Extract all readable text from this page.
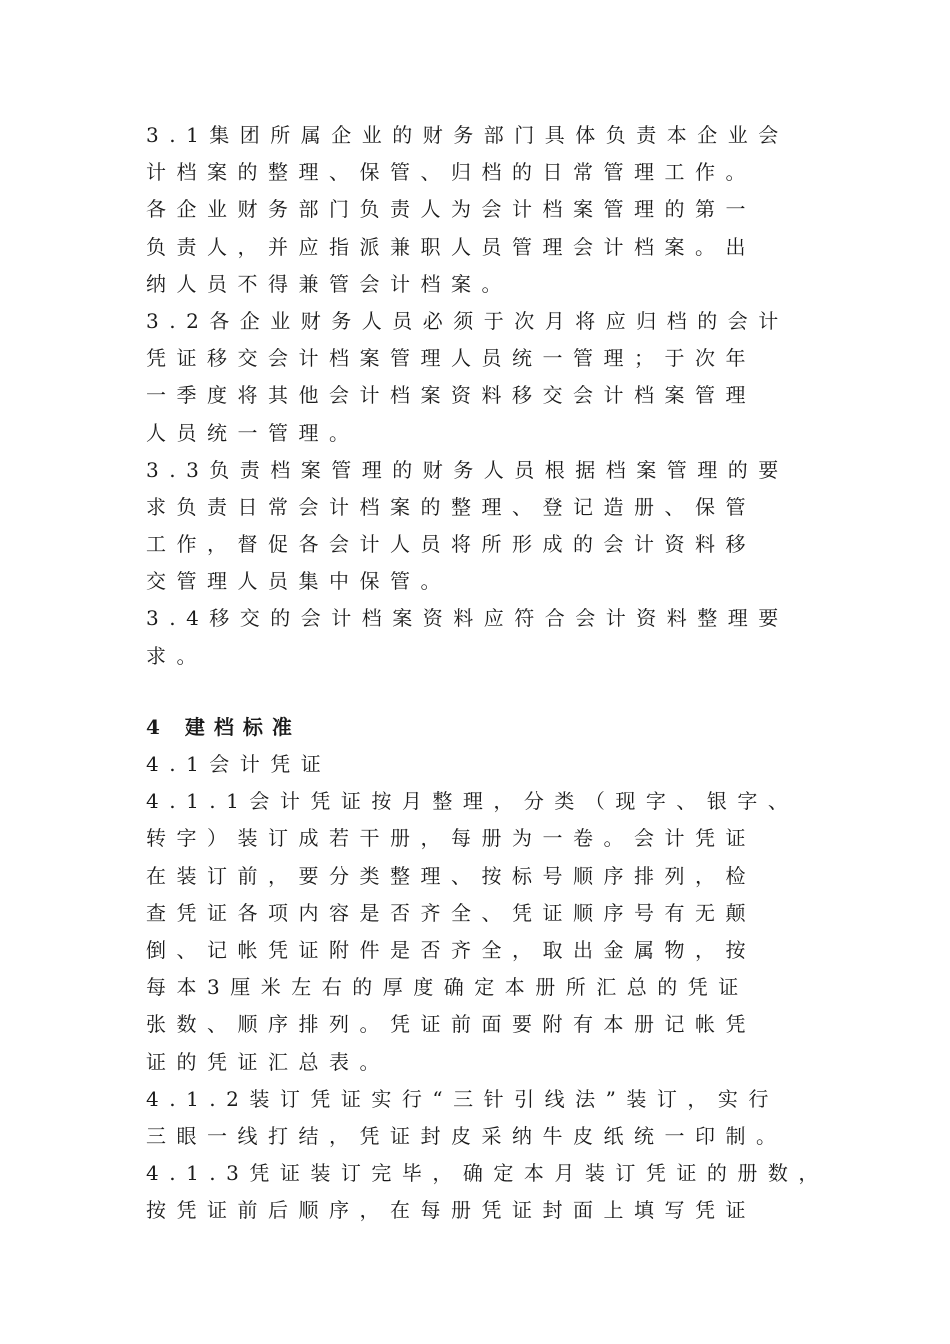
3.1集团所属企业的财务部门具体负责本企业会
计档案的整理、保管、归档的日常管理工作。
各企业财务部门负责人为会计档案管理的第一
负责人，并应指派兼职人员管理会计档案。出
纳人员不得兼管会计档案。
3.2各企业财务人员必须于次月将应归档的会计
凭证移交会计档案管理人员统一管理；于次年
一季度将其他会计档案资料移交会计档案管理
人员统一管理。
3.3负责档案管理的财务人员根据档案管理的要
求负责日常会计档案的整理、登记造册、保管
工作，督促各会计人员将所形成的会计资料移
交管理人员集中保管。
3.4移交的会计档案资料应符合会计资料整理要
求。
4 建档标准
4.1会计凭证
4.1.1会计凭证按月整理，分类（现字、银字、
转字）装订成若干册，每册为一卷。会计凭证
在装订前，要分类整理、按标号顺序排列，检
查凭证各项内容是否齐全、凭证顺序号有无颠
倒、记帐凭证附件是否齐全，取出金属物，按
每本3厘米左右的厚度确定本册所汇总的凭证
张数、顺序排列。凭证前面要附有本册记帐凭
证的凭证汇总表。
4.1.2装订凭证实行“三针引线法”装订，实行
三眼一线打结，凭证封皮采纳牛皮纸统一印制。
4.1.3凭证装订完毕，确定本月装订凭证的册数，
按凭证前后顺序，在每册凭证封面上填写凭证
